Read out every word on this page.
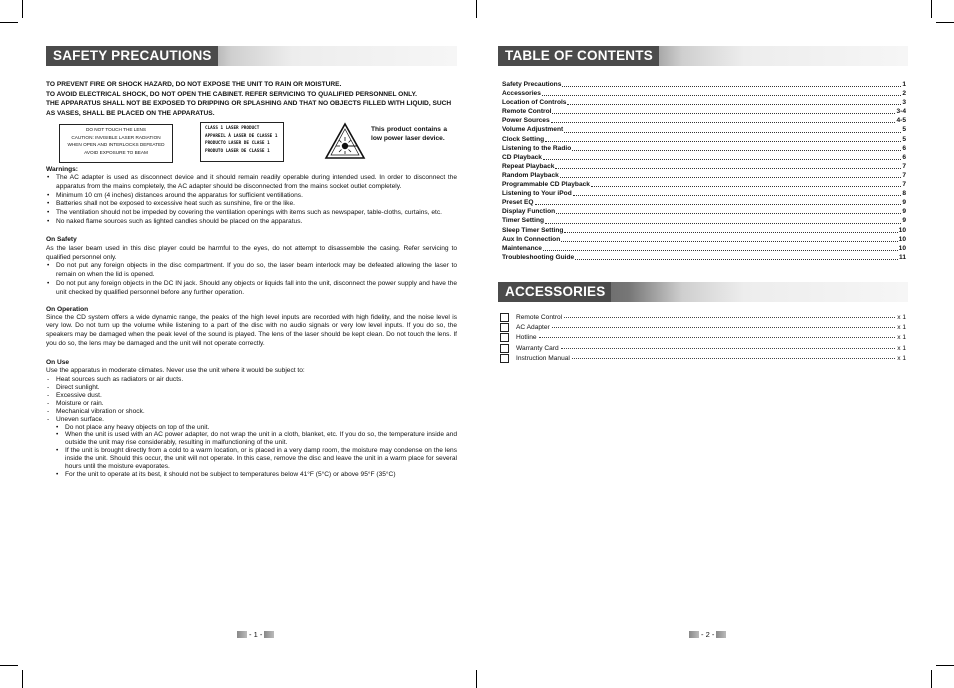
SAFETY PRECAUTIONS

TO PREVENT FIRE OR SHOCK HAZARD, DO NOT EXPOSE THE UNIT TO RAIN OR MOISTURE.

TO AVOID ELECTRICAL SHOCK, DO NOT OPEN THE CABINET. REFER SERVICING TO QUALIFIED PERSONNEL ONLY.

THE APPARATUS SHALL NOT BE EXPOSED TO DRIPPING OR SPLASHING AND THAT NO OBJECTS FILLED WITH LIQUID, SUCH AS VASES, SHALL BE PLACED ON THE APPARATUS.

DO NOT TOUCH THE LENS
CAUTION: INVISIBLE LASER RADIATION
WHEN OPEN AND INTERLOCKS DEFEATED
AVOID EXPOSURE TO BEAM
CLASS 1 LASER PRODUCT
APPAREIL À LASER DE CLASSE 1
PRODUCTO LASER DE CLASE 1
PRODUTO LASER DE CLASSE 1
This product contains a low power laser device.

Warnings:

• The AC adapter is used as disconnect device and it should remain readily operable during intended used. In order to disconnect the apparatus from the mains completely, the AC adapter should be disconnected from the mains socket outlet completely.
• Minimum 10 cm (4 inches) distances around the apparatus for sufficient ventillations.
• Batteries shall not be exposed to excessive heat such as sunshine, fire or the like.
• The ventilation should not be impeded by covering the ventilation openings with items such as newspaper, table-cloths, curtains, etc.
• No naked flame sources such as lighted candles should be placed on the apparatus.

On Safety

As the laser beam used in this disc player could be harmful to the eyes, do not attempt to disassemble the casing. Refer servicing to qualified personnel only.

• Do not put any foreign objects in the disc compartment. If you do so, the laser beam interlock may be defeated allowing the laser to remain on when the lid is opened.
• Do not put any foreign objects in the DC IN jack. Should any objects or liquids fall into the unit, disconnect the power supply and have the unit checked by qualified personnel before any further operation.

On Operation

Since the CD system offers a wide dynamic range, the peaks of the high level inputs are recorded with high fidelity, and the noise level is very low. Do not turn up the volume while listening to a part of the disc with no audio signals or very low level inputs. If you do so, the speakers may be damaged when the peak level of the sound is played. The lens of the laser should be kept clean. Do not touch the lens. If you do so, the lens may be damaged and the unit will not operate correctly.

On Use

Use the apparatus in moderate climates. Never use the unit where it would be subject to:

- Heat sources such as radiators or air ducts.
- Direct sunlight.
- Excessive dust.
- Moisture or rain.
- Mechanical vibration or shock.
- Uneven surface.
• Do not place any heavy objects on top of the unit.
• When the unit is used with an AC power adapter, do not wrap the unit in a cloth, blanket, etc. If you do so, the temperature inside and outside the unit may rise considerably, resulting in malfunctioning of the unit.
• If the unit is brought directly from a cold to a warm location, or is placed in a very damp room, the moisture may condense on the lens inside the unit. Should this occur, the unit will not operate. In this case, remove the disc and leave the unit in a warm place for several hours until the moisture evaporates.
• For the unit to operate at its best, it should not be subject to temperatures below 41°F (5°C) or above 95°F (35°C)
- 1 -
TABLE OF CONTENTS
Safety Precautions	1
Accessories	2
Location of Controls	3
Remote Control	3-4
Power Sources	4-5
Volume Adjustment	5
Clock Setting	5
Listening to the Radio	6
CD Playback	6
Repeat Playback	7
Random Playback	7
Programmable CD Playback	7
Listening to Your iPod	8
Preset EQ	9
Display Function	9
Timer Setting	9
Sleep Timer Setting	10
Aux In Connection	10
Maintenance	10
Troubleshooting Guide	11
ACCESSORIES
Remote Control	x 1
AC Adapter	x 1
Hotline	x 1
Warranty Card	x 1
Instruction Manual	x 1
- 2 -
